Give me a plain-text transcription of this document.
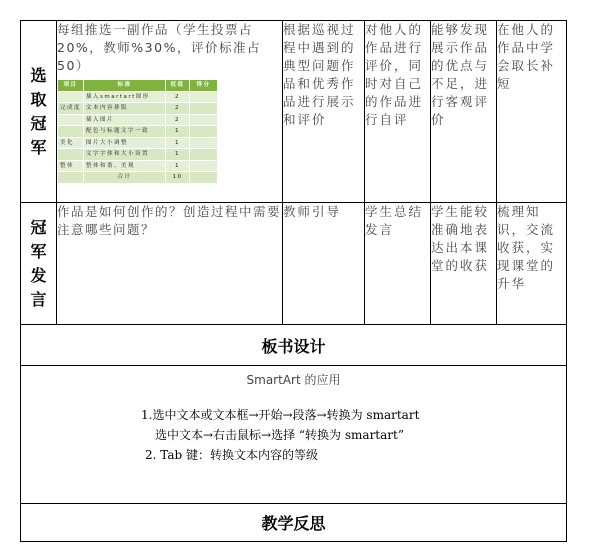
选
取
冠
军

每组推选一副作品（学生投票占 20%，教师%30%，评价标准占 50）
项目	标准	权值	得分
	插入smartart图形	2	
完成度	文本内容排版	2	
	插入图片	2	
	配色与标题文字一致	1	
美化	图片大小调整	1	
	文字字体和大小设置	1	
整体	整体和谐、美观	1	
	合计	10	
	根据巡视过程中遇到的典型问题作品和优秀作品进行展示和评价	对他人的作品进行评价，同时对自己的作品进行自评	能够发现展示作品的优点与不足，进行客观评价	在他人的作品中学会取长补短

冠
军
发
言
	作品是如何创作的？创造过程中需要注意哪些问题？	教师引导	学生总结发言	学生能较准确地表达出本课堂的收获	梳理知识，交流收获，实现课堂的升华
板书设计

SmartArt 的应用
1.选中文本或文本框→开始→段落→转换为 smartart
选中文本→右击鼠标→选择 “转换为 smartart”
2. Tab 键：转换文本内容的等级

教学反思
